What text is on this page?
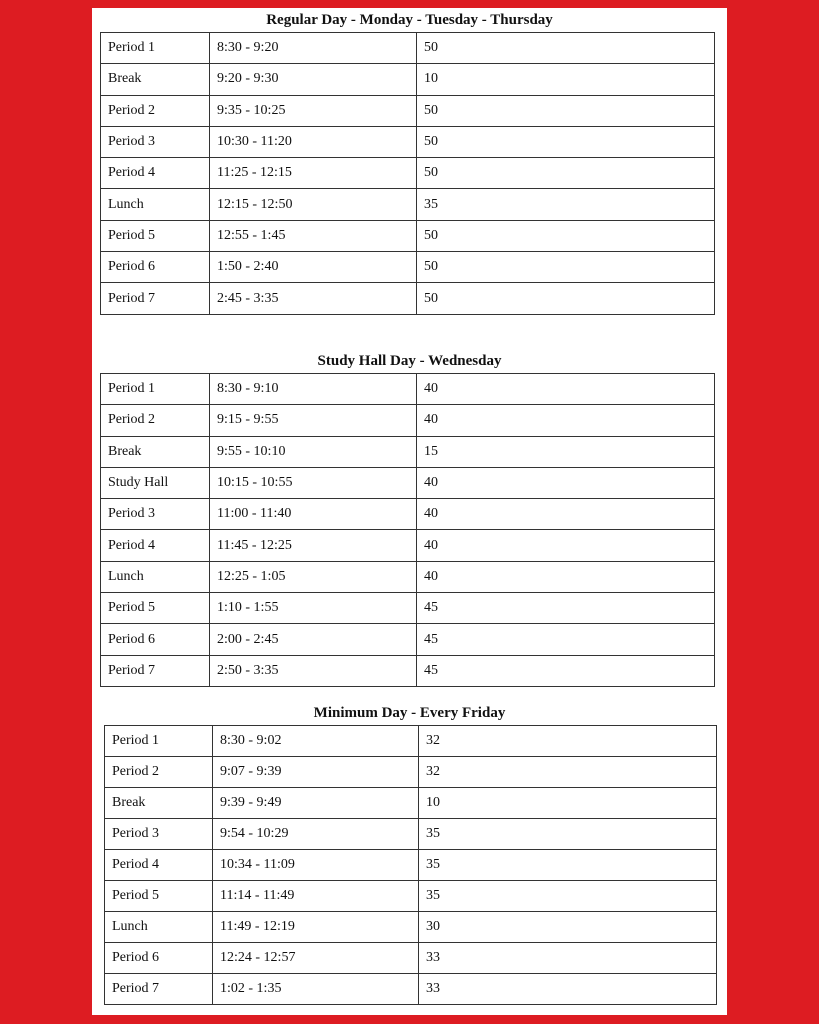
Regular Day - Monday - Tuesday - Thursday
Period 1	8:30 - 9:20	50
Break	9:20 - 9:30	10
Period 2	9:35 - 10:25	50
Period 3	10:30 - 11:20	50
Period 4	11:25 - 12:15	50
Lunch	12:15 - 12:50	35
Period 5	12:55 - 1:45	50
Period 6	1:50 - 2:40	50
Period 7	2:45 - 3:35	50
Study Hall Day - Wednesday
Period 1	8:30 - 9:10	40
Period 2	9:15 - 9:55	40
Break	9:55 - 10:10	15
Study Hall	10:15 - 10:55	40
Period 3	11:00 - 11:40	40
Period 4	11:45 - 12:25	40
Lunch	12:25 - 1:05	40
Period 5	1:10 - 1:55	45
Period 6	2:00 - 2:45	45
Period 7	2:50 - 3:35	45
Minimum Day - Every Friday
Period 1	8:30 - 9:02	32
Period 2	9:07 - 9:39	32
Break	9:39 - 9:49	10
Period 3	9:54 - 10:29	35
Period 4	10:34 - 11:09	35
Period 5	11:14 - 11:49	35
Lunch	11:49 - 12:19	30
Period 6	12:24 - 12:57	33
Period 7	1:02 - 1:35	33
